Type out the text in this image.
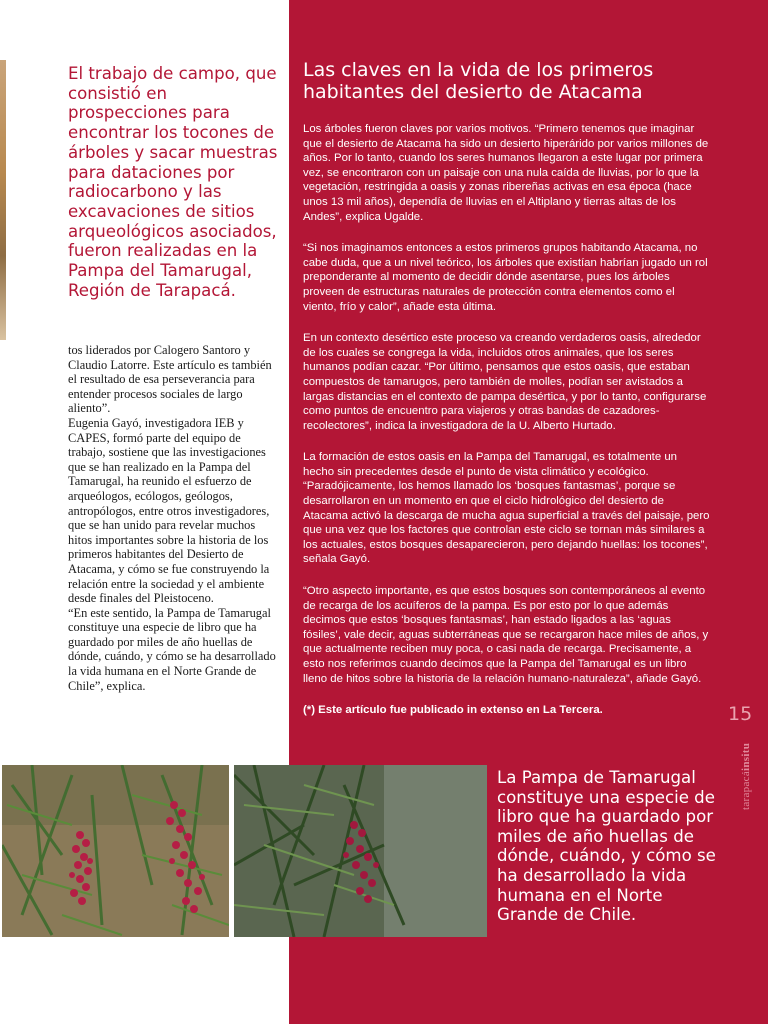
El trabajo de campo, que consistió en prospecciones para encontrar los tocones de árboles y sacar muestras para dataciones por radiocarbono y las excavaciones de sitios arqueológicos asociados, fueron realizadas en la Pampa del Tamarugal, Región de Tarapacá.

tos liderados por Calogero Santoro y Claudio Latorre. Este artículo es también el resultado de esa perseverancia para entender procesos sociales de largo aliento”.

Eugenia Gayó, investigadora IEB y CAPES, formó parte del equipo de trabajo, sostiene que las investigaciones que se han realizado en la Pampa del Tamarugal, ha reunido el esfuerzo de arqueólogos, ecólogos, geólogos, antropólogos, entre otros investigadores, que se han unido para revelar muchos hitos importantes sobre la historia de los primeros habitantes del Desierto de Atacama, y cómo se fue construyendo la relación entre la sociedad y el ambiente desde finales del Pleistoceno.

“En este sentido, la Pampa de Tamarugal constituye una especie de libro que ha guardado por miles de año huellas de dónde, cuándo, y cómo se ha desarrollado la vida humana en el Norte Grande de Chile”, explica.

Las claves en la vida de los primeros habitantes del desierto de Atacama

Los árboles fueron claves por varios motivos. “Primero tenemos que imaginar que el desierto de Atacama ha sido un desierto hiperárido por varios millones de años. Por lo tanto, cuando los seres humanos llegaron a este lugar por primera vez, se encontraron con un paisaje con una nula caída de lluvias, por lo que la vegetación, restringida a oasis y zonas ribereñas activas en esa época (hace unos 13 mil años), dependía de lluvias en el Altiplano y tierras altas de los Andes”, explica Ugalde.

“Si nos imaginamos entonces a estos primeros grupos habitando Atacama, no cabe duda, que a un nivel teórico, los árboles que existían habrían jugado un rol preponderante al momento de decidir dónde asentarse, pues los árboles proveen de estructuras naturales de protección contra elementos como el viento, frío y calor”, añade esta última.

En un contexto desértico este proceso va creando verdaderos oasis, alrededor de los cuales se congrega la vida, incluidos otros animales, que los seres humanos podían cazar. “Por último, pensamos que estos oasis, que estaban compuestos de tamarugos, pero también de molles, podían ser avistados a largas distancias en el contexto de pampa desértica, y por lo tanto, configurarse como puntos de encuentro para viajeros y otras bandas de cazadores-recolectores”, indica la investigadora de la U. Alberto Hurtado.

La formación de estos oasis en la Pampa del Tamarugal, es totalmente un hecho sin precedentes desde el punto de vista climático y ecológico. “Paradójicamente, los hemos llamado los ‘bosques fantasmas’, porque se desarrollaron en un momento en que el ciclo hidrológico del desierto de Atacama activó la descarga de mucha agua superficial a través del paisaje, pero que una vez que los factores que controlan este ciclo se tornan más similares a los actuales, estos bosques desaparecieron, pero dejando huellas: los tocones”, señala Gayó.

“Otro aspecto importante, es que estos bosques son contemporáneos al evento de recarga de los acuíferos de la pampa. Es por esto por lo que además decimos que estos ‘bosques fantasmas’, han estado ligados a las ‘aguas fósiles’, vale decir, aguas subterráneas que se recargaron hace miles de años, y que actualmente reciben muy poca, o casi nada de recarga. Precisamente, a esto nos referimos cuando decimos que la Pampa del Tamarugal es un libro lleno de hitos sobre la historia de la relación humano-naturaleza”, añade Gayó.

(*) Este artículo fue publicado in extenso en La Tercera.	15
tarapacáinsitu
La Pampa de Tamarugal constituye una especie de libro que ha guardado por miles de año huellas de dónde, cuándo, y cómo se ha desarrollado la vida humana en el Norte Grande de Chile.
